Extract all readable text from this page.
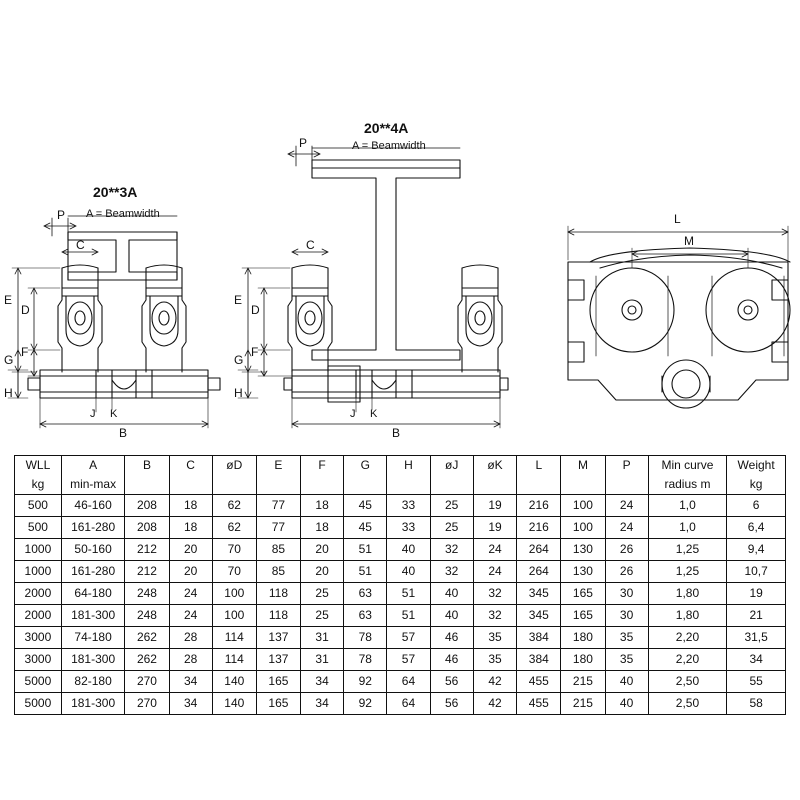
20**3A
A = Beamwidth
P
C
E
D
G
F
H
B
J K
20**4A
A = Beamwidth
P
C
E
D
G
F
H
B
J K
L
M
WLL	A	B	C	øD	E	F	G	H	øJ	øK	L	M	P	Min curve	Weight
kg	min-max													radius m	kg
500	46-160	208	18	62	77	18	45	33	25	19	216	100	24	1,0	6
500	161-280	208	18	62	77	18	45	33	25	19	216	100	24	1,0	6,4
1000	50-160	212	20	70	85	20	51	40	32	24	264	130	26	1,25	9,4
1000	161-280	212	20	70	85	20	51	40	32	24	264	130	26	1,25	10,7
2000	64-180	248	24	100	118	25	63	51	40	32	345	165	30	1,80	19
2000	181-300	248	24	100	118	25	63	51	40	32	345	165	30	1,80	21
3000	74-180	262	28	114	137	31	78	57	46	35	384	180	35	2,20	31,5
3000	181-300	262	28	114	137	31	78	57	46	35	384	180	35	2,20	34
5000	82-180	270	34	140	165	34	92	64	56	42	455	215	40	2,50	55
5000	181-300	270	34	140	165	34	92	64	56	42	455	215	40	2,50	58
